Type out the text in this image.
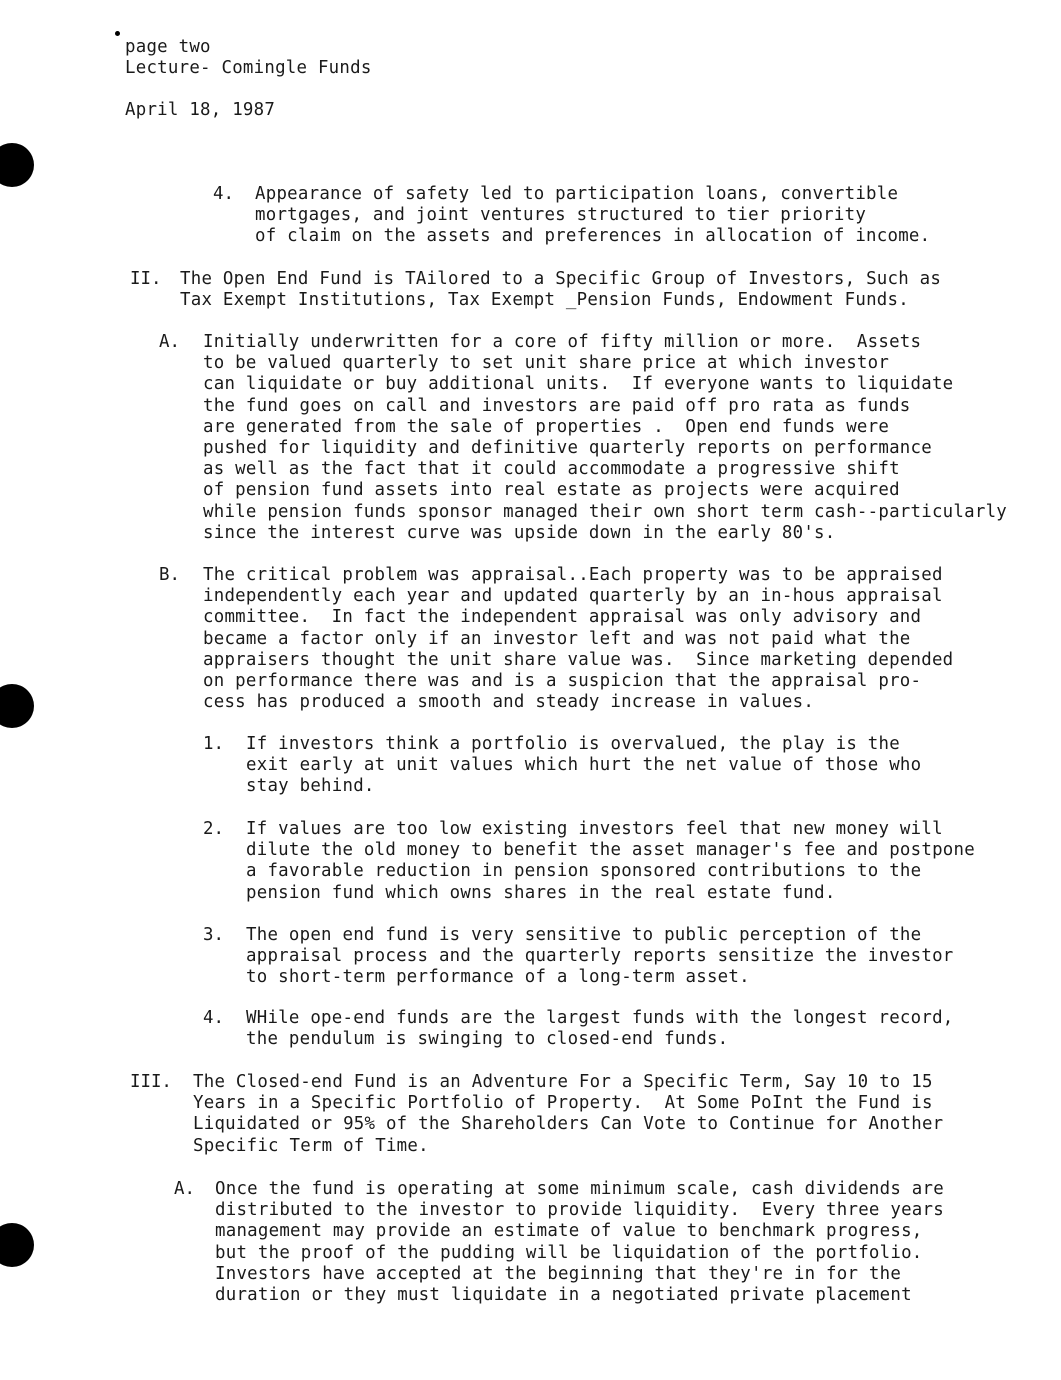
page two
Lecture- Comingle Funds
April 18, 1987
4. Appearance of safety led to participation loans, convertible
mortgages, and joint ventures structured to tier priority
of claim on the assets and preferences in allocation of income.
II. The Open End Fund is TAilored to a Specific Group of Investors, Such as
Tax Exempt Institutions, Tax Exempt _Pension Funds, Endowment Funds.
A. Initially underwritten for a core of fifty million or more.  Assets
to be valued quarterly to set unit share price at which investor
can liquidate or buy additional units.  If everyone wants to liquidate
the fund goes on call and investors are paid off pro rata as funds
are generated from the sale of properties .  Open end funds were
pushed for liquidity and definitive quarterly reports on performance
as well as the fact that it could accommodate a progressive shift
of pension fund assets into real estate as projects were acquired
while pension funds sponsor managed their own short term cash--particularly
since the interest curve was upside down in the early 80's.
B. The critical problem was appraisal..Each property was to be appraised
independently each year and updated quarterly by an in-hous appraisal
committee.  In fact the independent appraisal was only advisory and
became a factor only if an investor left and was not paid what the
appraisers thought the unit share value was.  Since marketing depended
on performance there was and is a suspicion that the appraisal pro-
cess has produced a smooth and steady increase in values.
1. If investors think a portfolio is overvalued, the play is the
exit early at unit values which hurt the net value of those who
stay behind.
2. If values are too low existing investors feel that new money will
dilute the old money to benefit the asset manager's fee and postpone
a favorable reduction in pension sponsored contributions to the
pension fund which owns shares in the real estate fund.
3. The open end fund is very sensitive to public perception of the
appraisal process and the quarterly reports sensitize the investor
to short-term performance of a long-term asset.
4. WHile ope-end funds are the largest funds with the longest record,
the pendulum is swinging to closed-end funds.
III. The Closed-end Fund is an Adventure For a Specific Term, Say 10 to 15
Years in a Specific Portfolio of Property.  At Some PoInt the Fund is
Liquidated or 95% of the Shareholders Can Vote to Continue for Another
Specific Term of Time.
A. Once the fund is operating at some minimum scale, cash dividends are
distributed to the investor to provide liquidity.  Every three years
management may provide an estimate of value to benchmark progress,
but the proof of the pudding will be liquidation of the portfolio.
Investors have accepted at the beginning that they're in for the
duration or they must liquidate in a negotiated private placement
